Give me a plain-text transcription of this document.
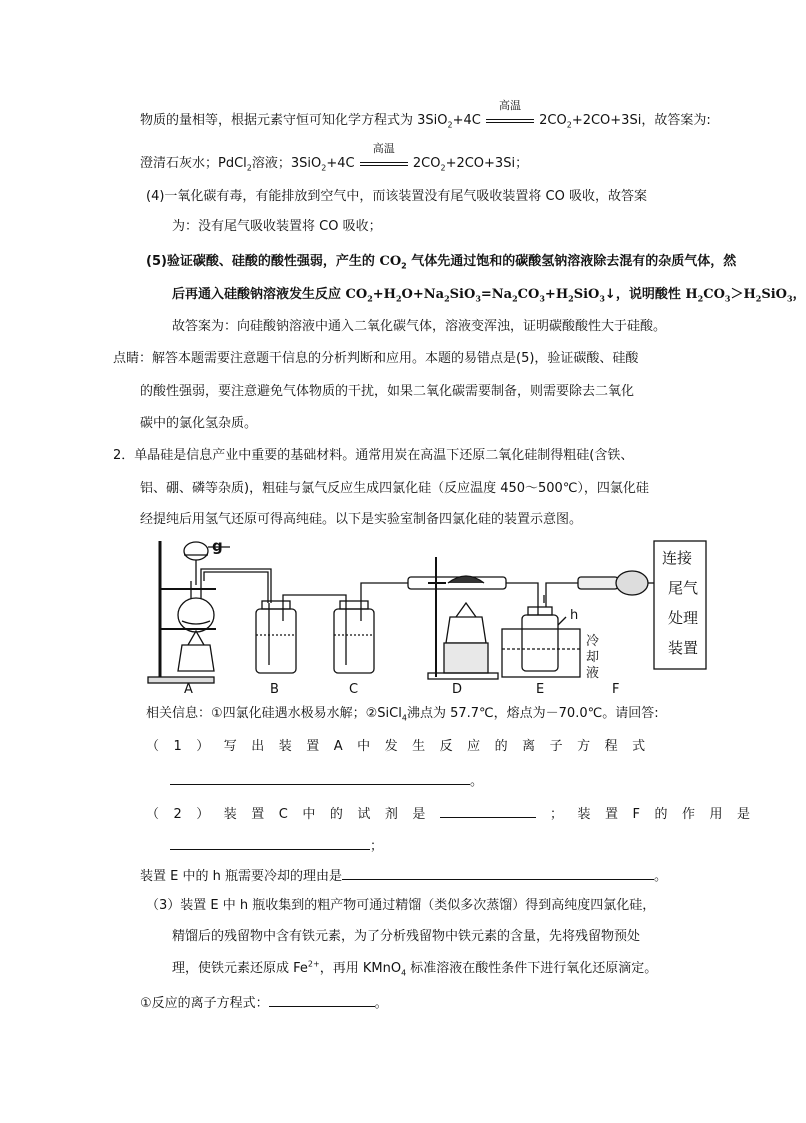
物质的量相等，根据元素守恒可知化学方程式为 3SiO$_2$+4C
高温
$2CO_2+2CO+3Si$，故答案为:
澄清石灰水；PdCl$_2$溶液；3SiO$_2$+4C
高温
$2CO_2+2CO+3Si$；
(4)一氧化碳有毒，有能排放到空气中，而该装置没有尾气吸收装置将 CO 吸收，故答案
为：没有尾气吸收装置将 CO 吸收；
(5)验证碳酸、硅酸的酸性强弱，产生的 $CO_2$ 气体先通过饱和的碳酸氢钠溶液除去混有的杂质气体，然
后再通入硅酸钠溶液发生反应 $CO_2+H_2O+Na_2SiO_3=Na_2CO_3+H_2SiO_3↓$，说明酸性 $H_2CO_3>H_2SiO_3$，
故答案为：向硅酸钠溶液中通入二氧化碳气体，溶液变浑浊，证明碳酸酸性大于硅酸。
点睛：解答本题需要注意题干信息的分析判断和应用。本题的易错点是(5)，验证碳酸、硅酸
的酸性强弱，要注意避免气体物质的干扰，如果二氧化碳需要制备，则需要除去二氧化
碳中的氯化氢杂质。
2．单晶硅是信息产业中重要的基础材料。通常用炭在高温下还原二氧化硅制得粗硅(含铁、
铝、硼、磷等杂质)，粗硅与氯气反应生成四氯化硅（反应温度 450～500℃），四氯化硅
经提纯后用氢气还原可得高纯硅。以下是实验室制备四氯化硅的装置示意图。
g
h
冷
却
液
连接
尾气
处理
装置
A	B	C	D	E	F
相关信息：①四氯化硅遇水极易水解；②SiCl$_4$沸点为 57.7℃，熔点为－70.0℃。请回答:
（1）写出装置A中发生反应的离子方程式
。
（2）装置C中的试剂是	；装置F的作用是
；
装置 E 中的 h 瓶需要冷却的理由是	。
（3）装置 E 中 h 瓶收集到的粗产物可通过精馏（类似多次蒸馏）得到高纯度四氯化硅，
精馏后的残留物中含有铁元素，为了分析残留物中铁元素的含量，先将残留物预处
理，使铁元素还原成 $Fe^{2+}$，再用 KMnO$_4$ 标准溶液在酸性条件下进行氧化还原滴定。
①反应的离子方程式：	。
